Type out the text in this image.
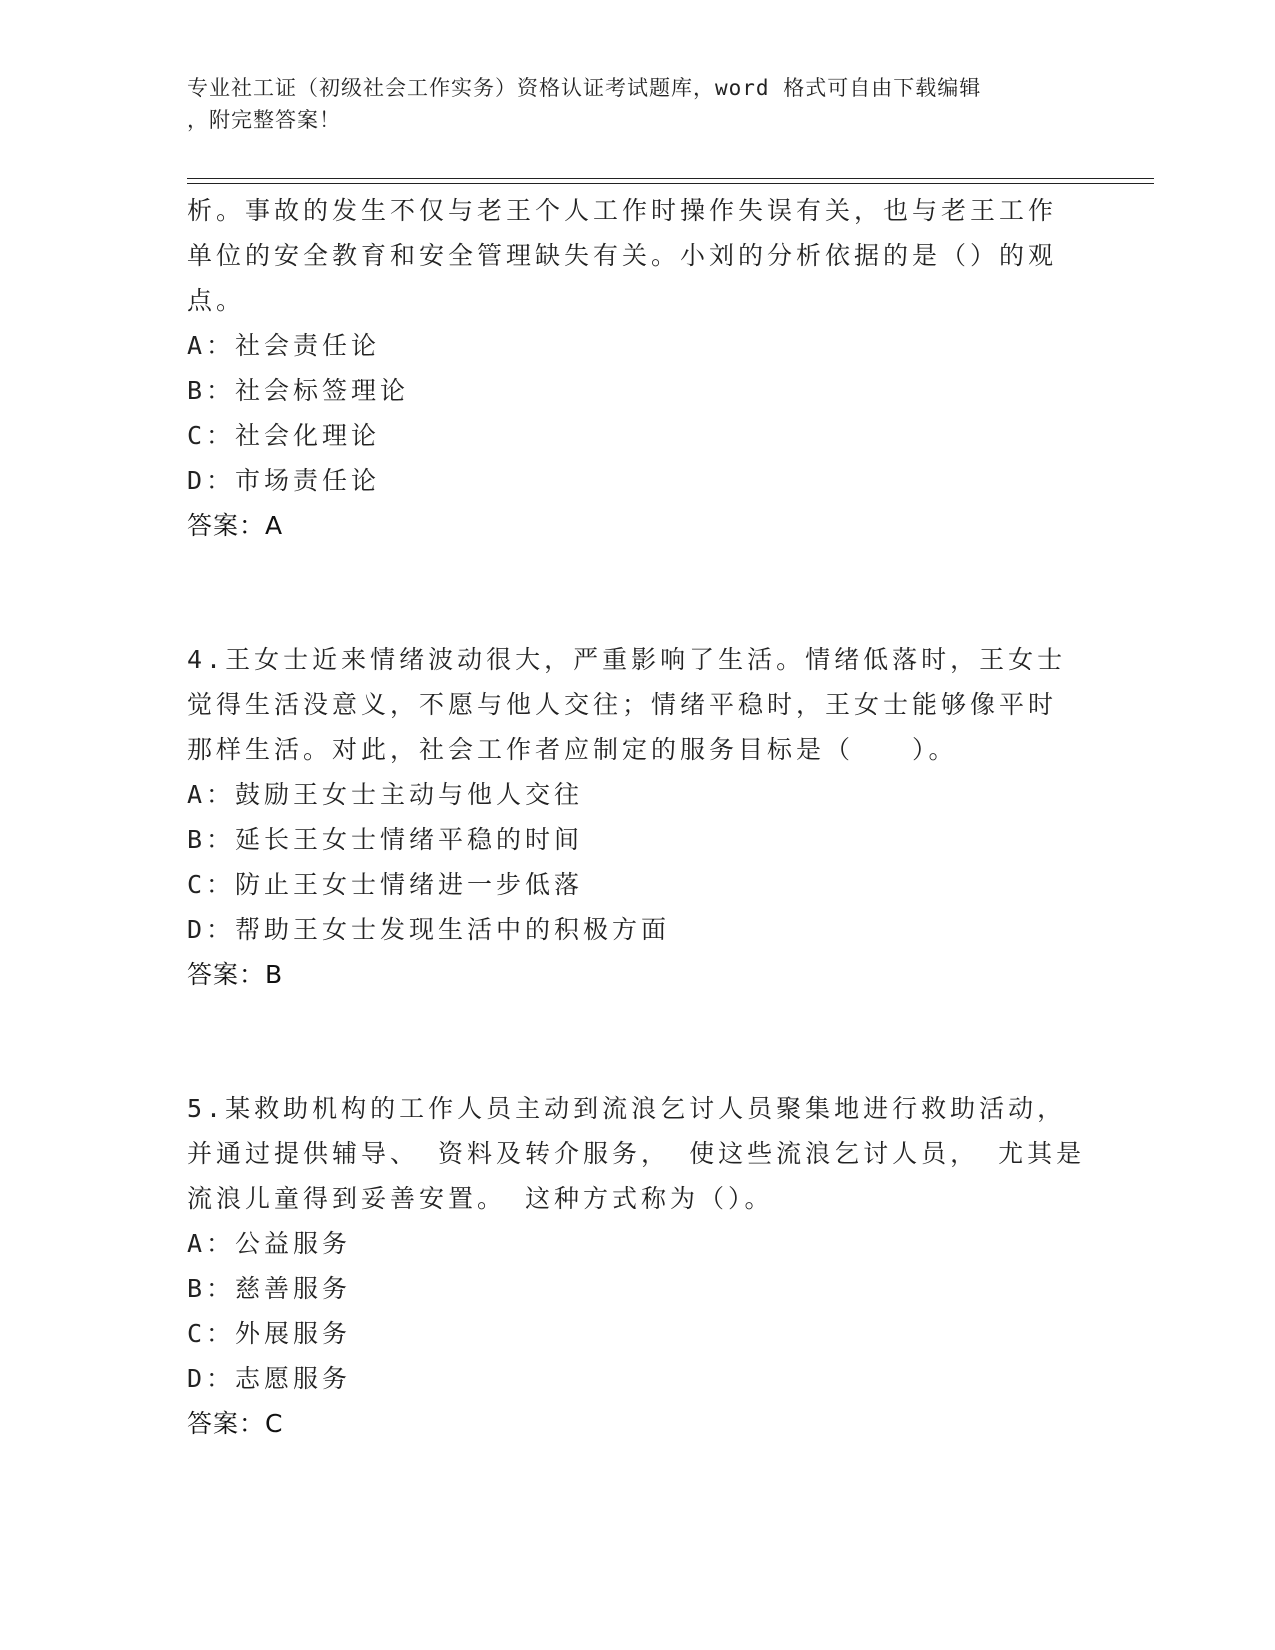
专业社工证（初级社会工作实务）资格认证考试题库，word 格式可自由下载编辑
，附完整答案！
析。事故的发生不仅与老王个人工作时操作失误有关，也与老王工作
单位的安全教育和安全管理缺失有关。小刘的分析依据的是（）的观
点。
A：社会责任论
B：社会标签理论
C：社会化理论
D：市场责任论
答案：A
4.王女士近来情绪波动很大，严重影响了生活。情绪低落时，王女士
觉得生活没意义，不愿与他人交往；情绪平稳时，王女士能够像平时
那样生活。对此，社会工作者应制定的服务目标是（　　）。
A：鼓励王女士主动与他人交往
B：延长王女士情绪平稳的时间
C：防止王女士情绪进一步低落
D：帮助王女士发现生活中的积极方面
答案：B
5.某救助机构的工作人员主动到流浪乞讨人员聚集地进行救助活动，
并通过提供辅导、 资料及转介服务， 使这些流浪乞讨人员， 尤其是
流浪儿童得到妥善安置。 这种方式称为（）。
A：公益服务
B：慈善服务
C：外展服务
D：志愿服务
答案：C
